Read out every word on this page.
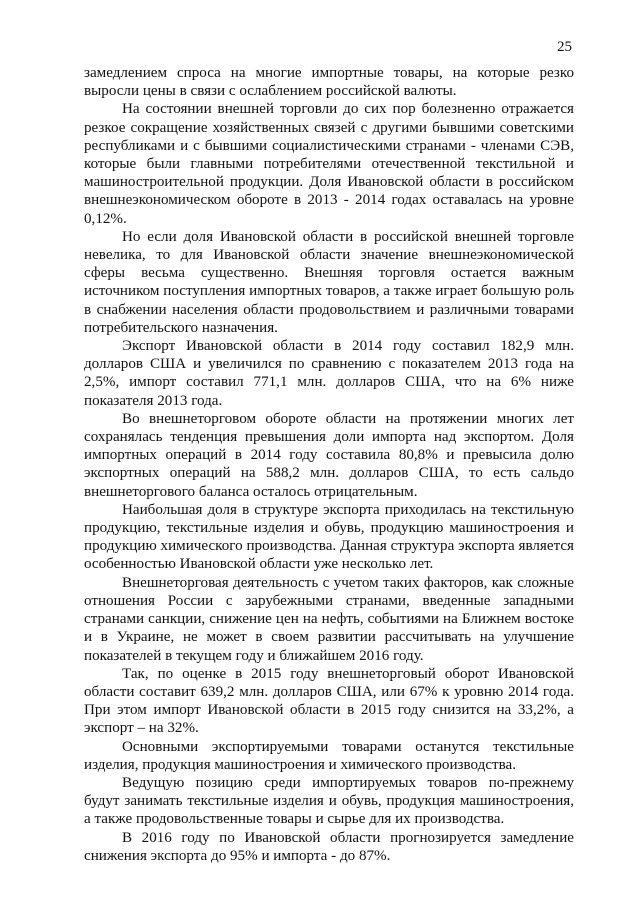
25

замедлением спроса на многие импортные товары, на которые резко выросли цены в связи с ослаблением российской валюты.

На состоянии внешней торговли до сих пор болезненно отражается резкое сокращение хозяйственных связей с другими бывшими советскими республиками и с бывшими социалистическими странами - членами СЭВ, которые были главными потребителями отечественной текстильной и машиностроительной продукции. Доля Ивановской области в российском внешнеэкономическом обороте в 2013 - 2014 годах оставалась на уровне 0,12%.

Но если доля Ивановской области в российской внешней торговле невелика, то для Ивановской области значение внешнеэкономической сферы весьма существенно. Внешняя торговля остается важным источником поступления импортных товаров, а также играет большую роль в снабжении населения области продовольствием и различными товарами потребительского назначения.

Экспорт Ивановской области в 2014 году составил 182,9 млн. долларов США и увеличился по сравнению с показателем 2013 года на 2,5%, импорт составил 771,1 млн. долларов США, что на 6% ниже показателя 2013 года.

Во внешнеторговом обороте области на протяжении многих лет сохранялась тенденция превышения доли импорта над экспортом. Доля импортных операций в 2014 году составила 80,8% и превысила долю экспортных операций на 588,2 млн. долларов США, то есть сальдо внешнеторгового баланса осталось отрицательным.

Наибольшая доля в структуре экспорта приходилась на текстильную продукцию, текстильные изделия и обувь, продукцию машиностроения и продукцию химического производства. Данная структура экспорта является особенностью Ивановской области уже несколько лет.

Внешнеторговая деятельность с учетом таких факторов, как сложные отношения России с зарубежными странами, введенные западными странами санкции, снижение цен на нефть, событиями на Ближнем востоке и в Украине, не может в своем развитии рассчитывать на улучшение показателей в текущем году и ближайшем 2016 году.

Так, по оценке в 2015 году внешнеторговый оборот Ивановской области составит 639,2 млн. долларов США, или 67% к уровню 2014 года. При этом импорт Ивановской области в 2015 году снизится на 33,2%, а экспорт – на 32%.

Основными экспортируемыми товарами останутся текстильные изделия, продукция машиностроения и химического производства.

Ведущую позицию среди импортируемых товаров по-прежнему будут занимать текстильные изделия и обувь, продукция машиностроения, а также продовольственные товары и сырье для их производства.

В 2016 году по Ивановской области прогнозируется замедление снижения экспорта до 95% и импорта - до 87%.
